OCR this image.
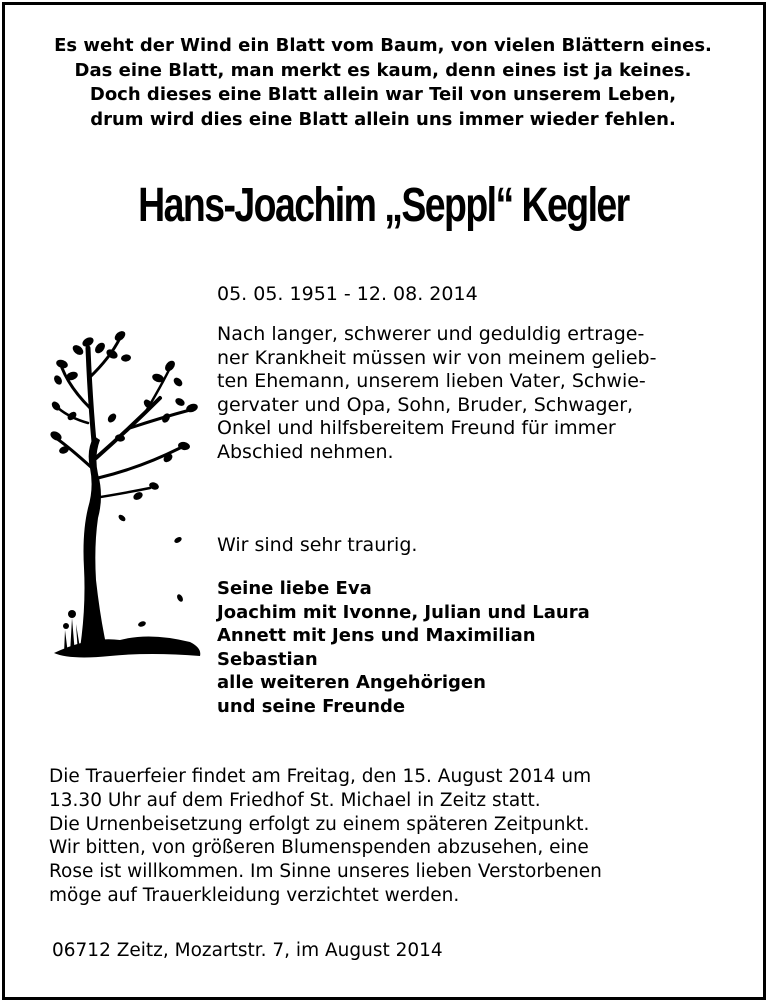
Es weht der Wind ein Blatt vom Baum, von vielen Blättern eines.
Das eine Blatt, man merkt es kaum, denn eines ist ja keines.
Doch dieses eine Blatt allein war Teil von unserem Leben,
drum wird dies eine Blatt allein uns immer wieder fehlen.
Hans-Joachim „Seppl“ Kegler
05. 05. 1951 - 12. 08. 2014
Nach langer, schwerer und geduldig ertrage-
ner Krankheit müssen wir von meinem gelieb-
ten Ehemann, unserem lieben Vater, Schwie-
gervater und Opa, Sohn, Bruder, Schwager,
Onkel und hilfsbereitem Freund für immer
Abschied nehmen.
Wir sind sehr traurig.
Seine liebe Eva
Joachim mit Ivonne, Julian und Laura
Annett mit Jens und Maximilian
Sebastian
alle weiteren Angehörigen
und seine Freunde
Die Trauerfeier findet am Freitag, den 15. August 2014 um
13.30 Uhr auf dem Friedhof St. Michael in Zeitz statt.
Die Urnenbeisetzung erfolgt zu einem späteren Zeitpunkt.
Wir bitten, von größeren Blumenspenden abzusehen, eine
Rose ist willkommen. Im Sinne unseres lieben Verstorbenen
möge auf Trauerkleidung verzichtet werden.
06712 Zeitz, Mozartstr. 7, im August 2014
